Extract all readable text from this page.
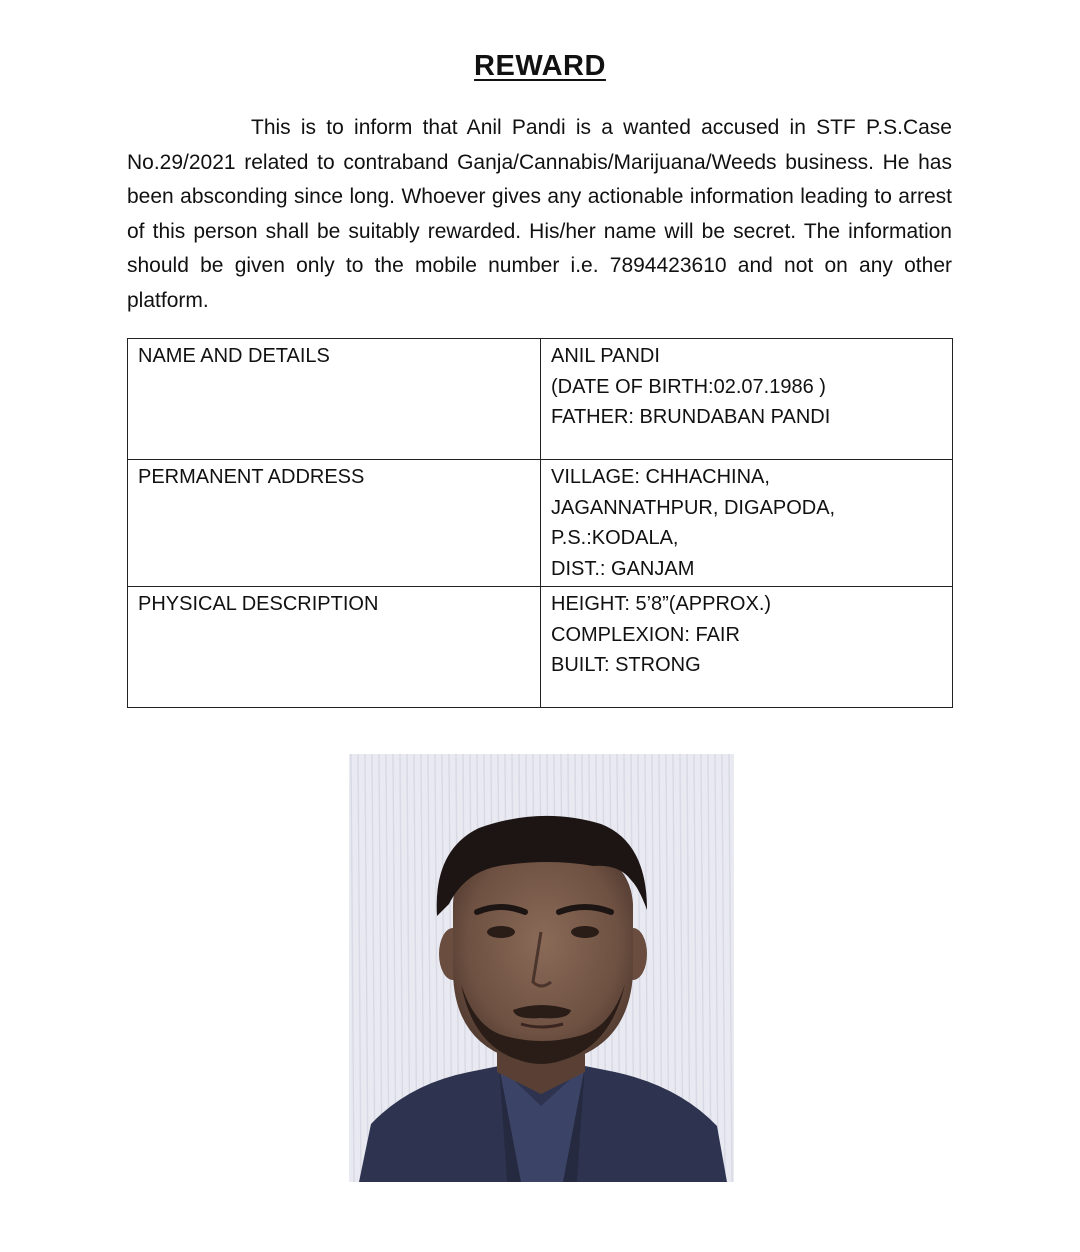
REWARD

This is to inform that Anil Pandi is a wanted accused in STF P.S.Case No.29/2021 related to contraband Ganja/Cannabis/Marijuana/Weeds business. He has been absconding since long. Whoever gives any actionable information leading to arrest of this person shall be suitably rewarded. His/her name will be secret. The information should be given only to the mobile number i.e. 7894423610 and not on any other platform.

NAME AND DETAILS	ANIL PANDI
(DATE OF BIRTH:02.07.1986 )
FATHER: BRUNDABAN PANDI

PERMANENT ADDRESS	VILLAGE: CHHACHINA,
JAGANNATHPUR, DIGAPODA,
P.S.:KODALA,
DIST.: GANJAM

PHYSICAL DESCRIPTION	HEIGHT: 5’8”(APPROX.)
COMPLEXION: FAIR
BUILT: STRONG
